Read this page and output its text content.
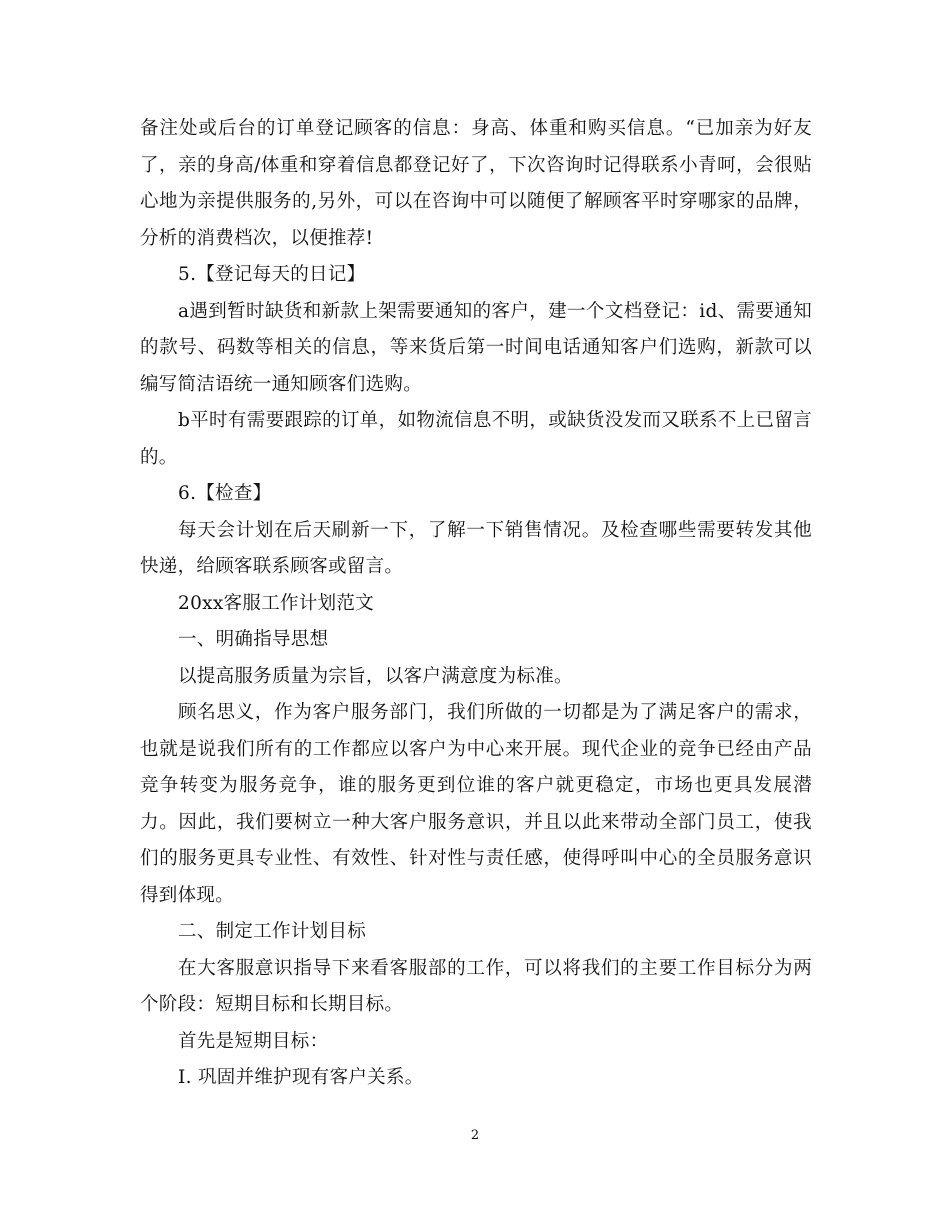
备注处或后台的订单登记顾客的信息：身高、体重和购买信息。“已加亲为好友了，亲的身高/体重和穿着信息都登记好了，下次咨询时记得联系小青呵，会很贴心地为亲提供服务的,另外，可以在咨询中可以随便了解顾客平时穿哪家的品牌，分析的消费档次，以便推荐!

5.【登记每天的日记】

a遇到暂时缺货和新款上架需要通知的客户，建一个文档登记：id、需要通知的款号、码数等相关的信息，等来货后第一时间电话通知客户们选购，新款可以编写简洁语统一通知顾客们选购。

b平时有需要跟踪的订单，如物流信息不明，或缺货没发而又联系不上已留言的。

6.【检查】

每天会计划在后天刷新一下，了解一下销售情况。及检查哪些需要转发其他快递，给顾客联系顾客或留言。

20xx客服工作计划范文

一、明确指导思想

以提高服务质量为宗旨，以客户满意度为标准。

顾名思义，作为客户服务部门，我们所做的一切都是为了满足客户的需求，也就是说我们所有的工作都应以客户为中心来开展。现代企业的竞争已经由产品竞争转变为服务竞争，谁的服务更到位谁的客户就更稳定，市场也更具发展潜力。因此，我们要树立一种大客户服务意识，并且以此来带动全部门员工，使我们的服务更具专业性、有效性、针对性与责任感，使得呼叫中心的全员服务意识得到体现。

二、制定工作计划目标

在大客服意识指导下来看客服部的工作，可以将我们的主要工作目标分为两个阶段：短期目标和长期目标。

首先是短期目标：

I. 巩固并维护现有客户关系。

2
